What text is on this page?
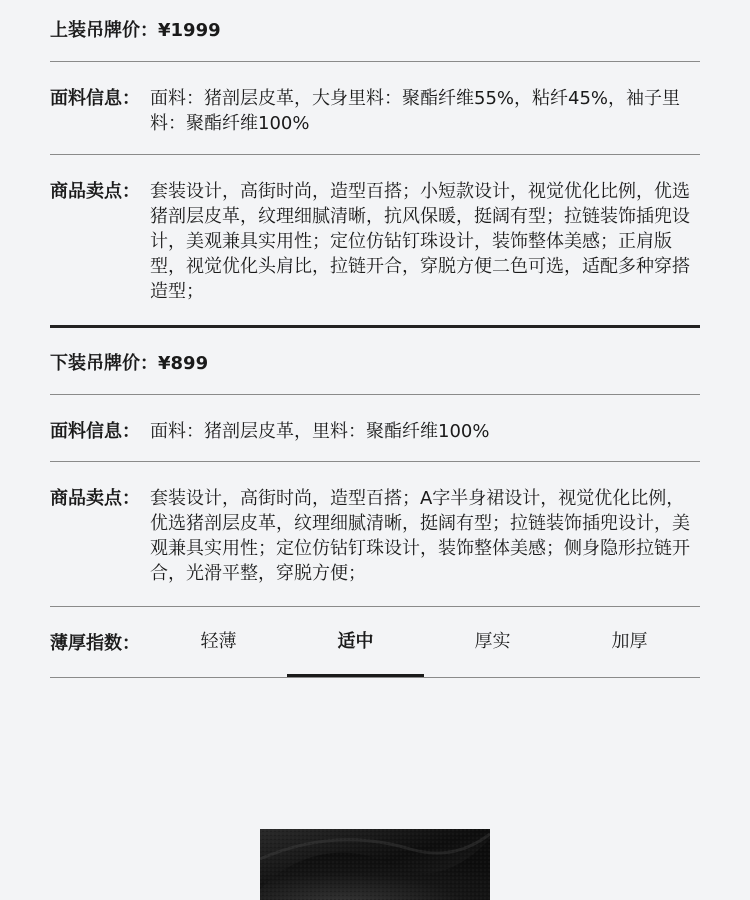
上装吊牌价： ¥1999
面料信息： 面料：猪剖层皮革，大身里料：聚酯纤维55%，粘纤45%，袖子里料：聚酯纤维100%
商品卖点： 套装设计，高街时尚，造型百搭；小短款设计，视觉优化比例，优选猪剖层皮革，纹理细腻清晰，抗风保暖，挺阔有型；拉链装饰插兜设计，美观兼具实用性；定位仿钻钉珠设计，装饰整体美感；正肩版型，视觉优化头肩比，拉链开合，穿脱方便二色可选，适配多种穿搭造型；
下装吊牌价： ¥899
面料信息： 面料：猪剖层皮革，里料：聚酯纤维100%
商品卖点： 套装设计，高街时尚，造型百搭；A字半身裙设计，视觉优化比例，优选猪剖层皮革，纹理细腻清晰，挺阔有型；拉链装饰插兜设计，美观兼具实用性；定位仿钻钉珠设计，装饰整体美感；侧身隐形拉链开合，光滑平整，穿脱方便；
薄厚指数：	轻薄	适中	厚实	加厚
